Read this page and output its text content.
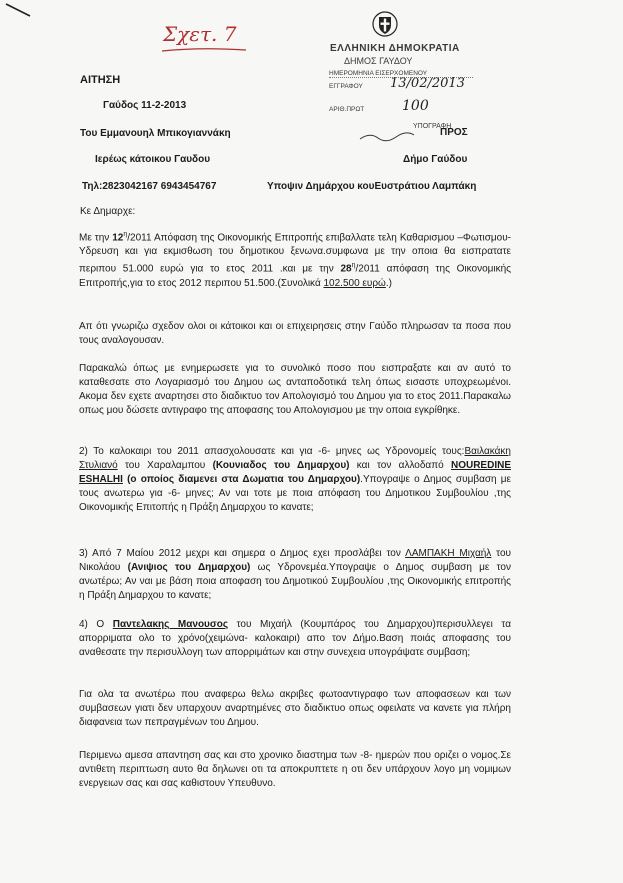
Σχετ. 7
ΕΛΛΗΝΙΚΗ ΔΗΜΟΚΡΑΤΙΑ
ΔΗΜΟΣ ΓΑΥΔΟΥ
ΗΜΕΡΟΜΗΝΙΑ ΕΙΣΕΡΧΟΜΕΝΟΥ
ΕΓΓΡΑΦΟΥ 13/02/2013
ΑΡΙΘ.ΠΡΩΤ	100
ΥΠΟΓΡΑΦΗ
ΑΙΤΗΣΗ
Γαύδος 11-2-2013
Του Εμμανουηλ Μπικογιαννάκη
Ιερέως κάτοικου Γαυδου
Τηλ:2823042167 6943454767
ΠΡΟΣ
Δήμο Γαύδου
Υποψιν Δημάρχου κουΕυστράτιου Λαμπάκη
Κε Δημαρχε:
Με την $12^\eta/2011$ Απόφαση της Οικονομικής Επιτροπής επιβαλλατε τελη Καθαρισμου –Φωτισμου-Υδρευση και για εκμισθωση του δημοτικου ξενωνα.συμφωνα με την οποια θα εισπρατατε περιπου 51.000 ευρώ για το ετος 2011 .και με την $28^\eta/2011$ απόφαση της Οικονομικής Επιτροπής,για το ετος 2012 περιπου 51.500.(Συνολικά 102.500 ευρώ.)
Απ ότι γνωριζω σχεδον ολοι οι κάτοικοι και οι επιχειρησεις στην Γαύδο πληρωσαν τα ποσα που τους αναλογουσαν.
Παρακαλώ όπως με ενημερωσετε για το συνολικό ποσο που εισπραξατε και αν αυτό το καταθεσατε στο Λογαριασμό του Δημου ως ανταποδοτικά τελη όπως εισαστε υποχρεωμένοι. Ακομα δεν εχετε αναρτησει στο διαδικτυο τον Απολογισμό του Δημου για το ετος 2011.Παρακαλω οπως μου δώσετε αντιγραφο της αποφασης του Απολογισμου με την οποια εγκρίθηκε.
2) Το καλοκαιρι του 2011 απασχολουσατε και για -6- μηνες ως Υδρονομείς τους:Βαιλακάκη Στυλιανό του Χαραλαμπου (Κουνιαδος του Δημαρχου) και τον αλλοδαπό NOUREDINE ESHALHI (ο οποίος διαμενει στα Δωματια του Δημαρχου).Υπογραψε ο Δημος συμβαση με τους ανωτερω για -6- μηνες; Αν ναι τοτε με ποια απόφαση του Δημοτικου Συμβουλίου ,της Οικονομικής Επιτοπής η Πράξη Δημαρχου το κανατε;
3) Από 7 Μαίου 2012 μεχρι και σημερα ο Δημος εχει προσλάβει τον ΛΑΜΠΑΚΗ Μιχαήλ του Νικολάου (Ανιψιος του Δημαρχου) ως Υδρονεμέα.Υπογραψε ο Δημος συμβαση με τον ανωτέρω; Αν ναι με βάση ποια αποφαση του Δημοτικού Συμβουλίου ,της Οικονομικής επιτροπής η Πράξη Δημαρχου το κανατε;
4) Ο Παντελακης Μανουσος του Μιχαήλ (Κουμπάρος του Δημαρχου)περισυλλεγει τα απορριματα ολο το χρόνο(χειμώνα- καλοκαιρι) απο τον Δήμο.Βαση ποιάς αποφασης του αναθεσατε την περισυλλογη των απορριμάτων και στην συνεχεια υπογράψατε συμβαση;
Για ολα τα ανωτέρω που αναφερω θελω ακριβες φωτοαντιγραφο των αποφασεων και των συμβασεων γιατι δεν υπαρχουν αναρτημένες στο διαδικτυο οπως οφειλατε να κανετε για πλήρη διαφανεια των πεπραγμένων του Δημου.
Περιμενω αμεσα απαντηση σας και στο χρονικο διαστημα των -8- ημερών που οριζει ο νομος.Σε αντιθετη περιπτωση αυτο θα δηλωνει οτι τα αποκρυπτετε η οτι δεν υπάρχουν λογο μη νομιμων ενεργειων σας και σας καθιστουν Υπευθυνο.
